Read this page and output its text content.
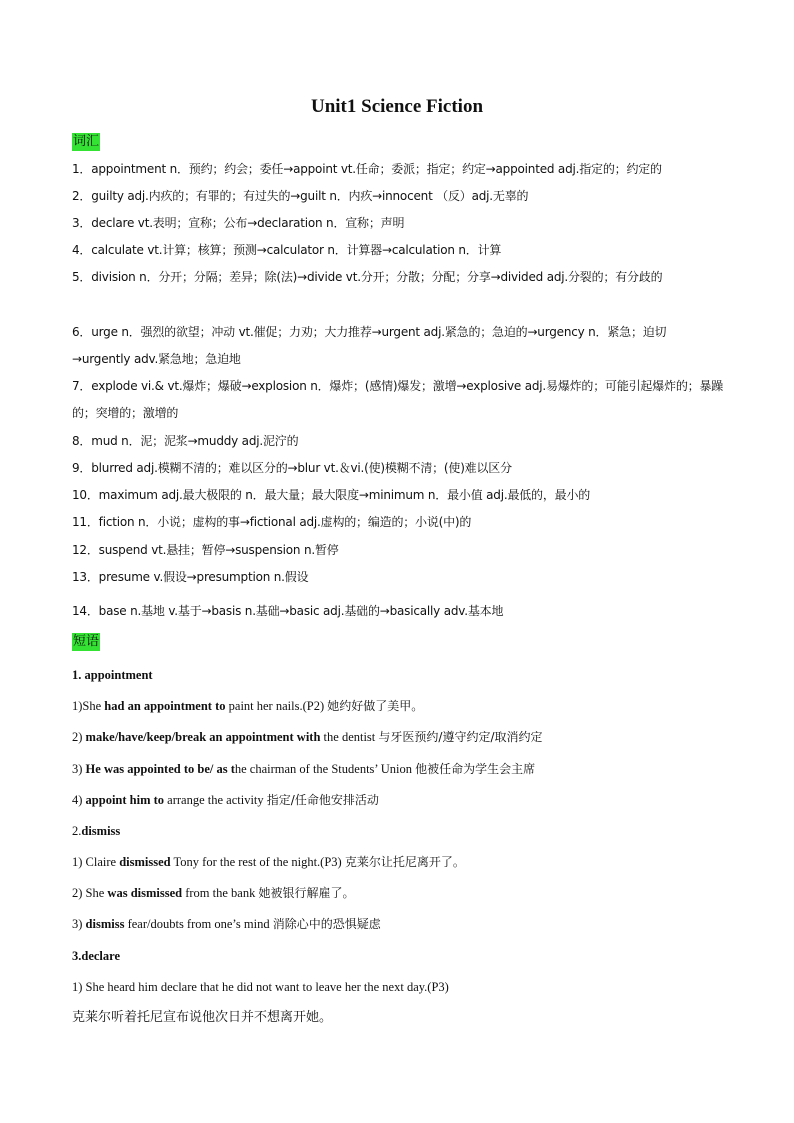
Unit1 Science Fiction
词汇

1．appointment n．预约；约会；委任→appoint vt.任命；委派；指定；约定→appointed adj.指定的；约定的

2．guilty adj.内疚的；有罪的；有过失的→guilt n．内疚→innocent （反）adj.无辜的

3．declare vt.表明；宣称；公布→declaration n．宣称；声明

4．calculate vt.计算；核算；预测→calculator n．计算器→calculation n．计算

5．division n．分开；分隔；差异；除(法)→divide vt.分开；分散；分配；分享→divided adj.分裂的；有分歧的

6．urge n．强烈的欲望；冲动 vt.催促；力劝；大力推荐→urgent adj.紧急的；急迫的→urgency n．紧急；迫切→urgently adv.紧急地；急迫地

7．explode vi.& vt.爆炸；爆破→explosion n．爆炸；(感情)爆发；激增→explosive adj.易爆炸的；可能引起爆炸的；暴躁的；突增的；激增的

8．mud n．泥；泥浆→muddy adj.泥泞的

9．blurred adj.模糊不清的；难以区分的→blur vt.＆vi.(使)模糊不清；(使)难以区分

10．maximum adj.最大极限的 n．最大量；最大限度→minimum n．最小值 adj.最低的，最小的

11．fiction n．小说；虚构的事→fictional adj.虚构的；编造的；小说(中)的

12．suspend vt.悬挂；暂停→suspension n.暂停

13．presume v.假设→presumption n.假设

14．base n.基地 v.基于→basis n.基础→basic adj.基础的→basically adv.基本地

短语

1. appointment

1)She had an appointment to paint her nails.(P2) 她约好做了美甲。

2) make/have/keep/break an appointment with the dentist 与牙医预约/遵守约定/取消约定

3) He was appointed to be/ as the chairman of the Students’ Union 他被任命为学生会主席

4) appoint him to arrange the activity 指定/任命他安排活动

2.dismiss

1) Claire dismissed Tony for the rest of the night.(P3) 克莱尔让托尼离开了。

2) She was dismissed from the bank 她被银行解雇了。

3) dismiss fear/doubts from one’s mind 消除心中的恐惧疑虑

3.declare

1) She heard him declare that he did not want to leave her the next day.(P3)

克莱尔听着托尼宣布说他次日并不想离开她。
